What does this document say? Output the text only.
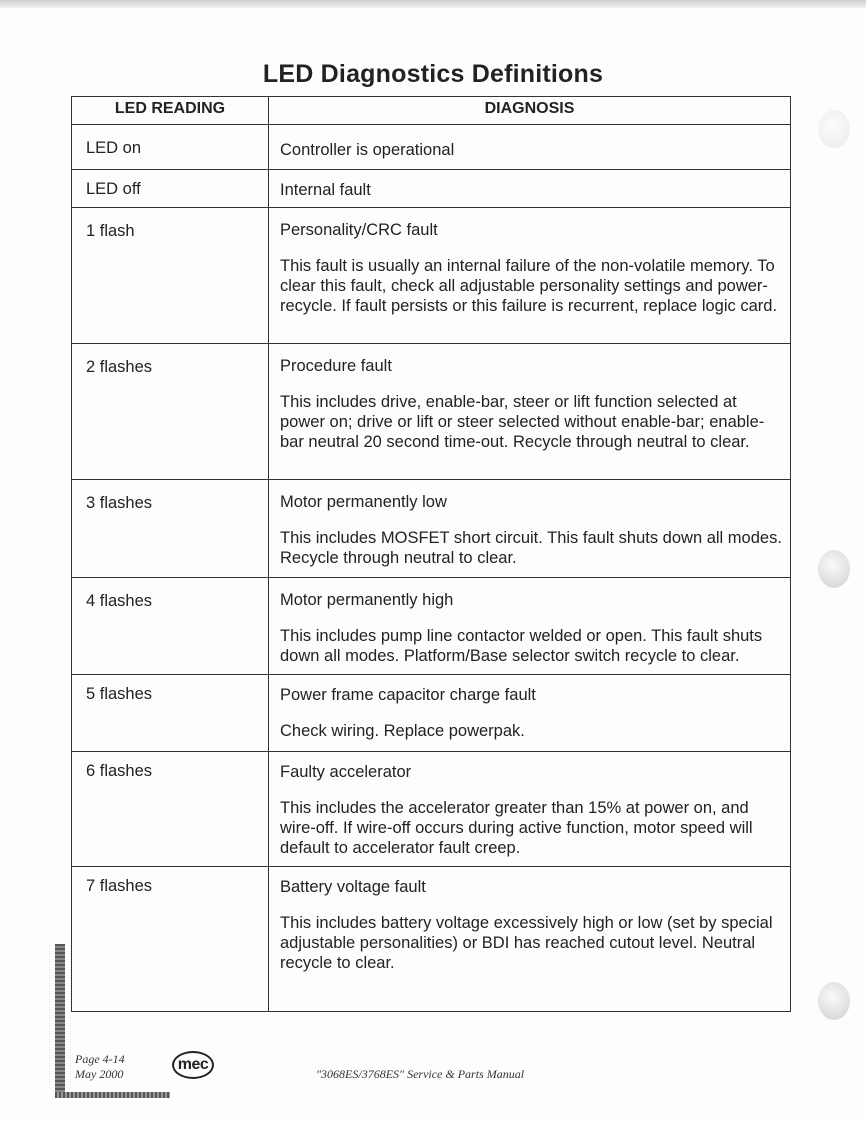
LED Diagnostics Definitions
LED READING	DIAGNOSIS
LED on	Controller is operational

LED off	Internal fault

1 flash	Personality/CRC fault
This fault is usually an internal failure of the non-volatile memory. To clear this fault, check all adjustable personality settings and power-recycle. If fault persists or this failure is recurrent, replace logic card.

2 flashes	Procedure fault
This includes drive, enable-bar, steer or lift function selected at power on; drive or lift or steer selected without enable-bar; enable-bar neutral 20 second time-out. Recycle through neutral to clear.

3 flashes	Motor permanently low
This includes MOSFET short circuit. This fault shuts down all modes. Recycle through neutral to clear.

4 flashes	Motor permanently high
This includes pump line contactor welded or open. This fault shuts down all modes. Platform/Base selector switch recycle to clear.

5 flashes	Power frame capacitor charge fault
Check wiring. Replace powerpak.

6 flashes	Faulty accelerator
This includes the accelerator greater than 15% at power on, and wire-off. If wire-off occurs during active function, motor speed will default to accelerator fault creep.

7 flashes	Battery voltage fault
This includes battery voltage excessively high or low (set by special adjustable personalities) or BDI has reached cutout level. Neutral recycle to clear.
Page 4-14
May 2000
mec
"3068ES/3768ES" Service & Parts Manual
